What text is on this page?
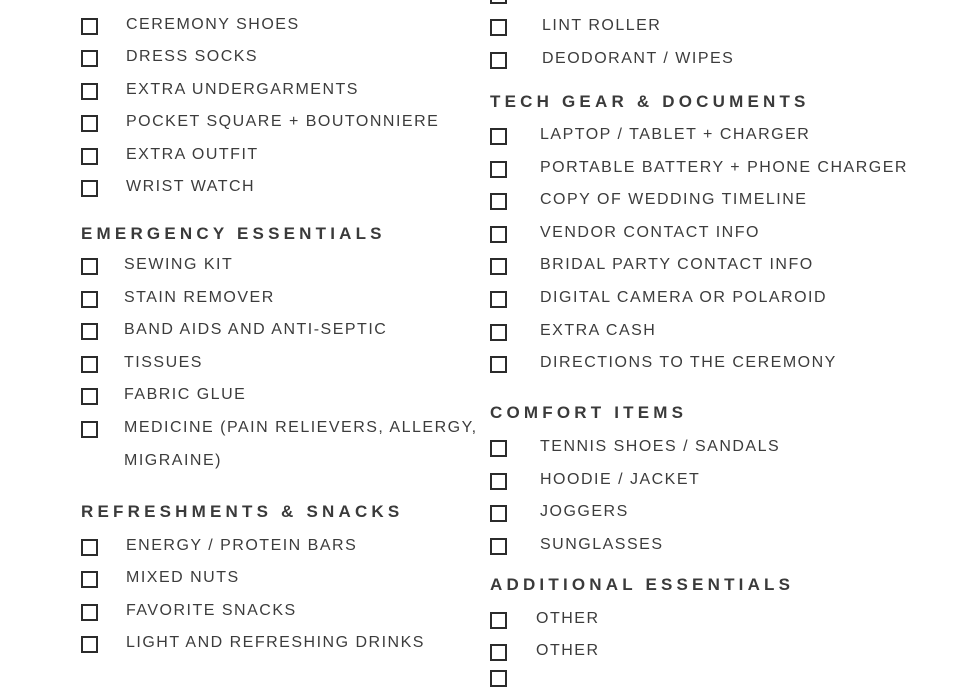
CEREMONY SHOES
DRESS SOCKS
EXTRA UNDERGARMENTS
POCKET SQUARE + BOUTONNIERE
EXTRA OUTFIT
WRIST WATCH
EMERGENCY ESSENTIALS
SEWING KIT
STAIN REMOVER
BAND AIDS AND ANTI-SEPTIC
TISSUES
FABRIC GLUE
MEDICINE (PAIN RELIEVERS, ALLERGY,
MIGRAINE)
REFRESHMENTS & SNACKS
ENERGY / PROTEIN BARS
MIXED NUTS
FAVORITE SNACKS
LIGHT AND REFRESHING DRINKS
LINT ROLLER
DEODORANT / WIPES
TECH GEAR & DOCUMENTS
LAPTOP / TABLET + CHARGER
PORTABLE BATTERY + PHONE CHARGER
COPY OF WEDDING TIMELINE
VENDOR CONTACT INFO
BRIDAL PARTY CONTACT INFO
DIGITAL CAMERA OR POLAROID
EXTRA CASH
DIRECTIONS TO THE CEREMONY
COMFORT ITEMS
TENNIS SHOES / SANDALS
HOODIE / JACKET
JOGGERS
SUNGLASSES
ADDITIONAL ESSENTIALS
OTHER
OTHER
